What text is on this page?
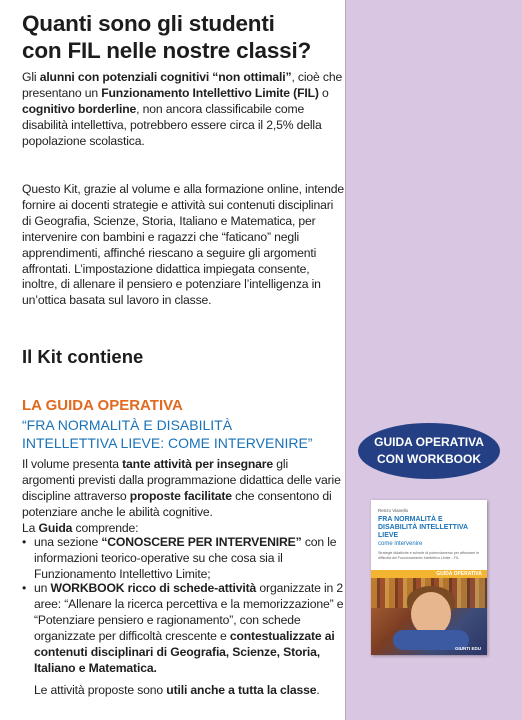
Quanti sono gli studenti
con FIL nelle nostre classi?

Gli alunni con potenziali cognitivi “non ottimali”, cioè che presentano un Funzionamento Intellettivo Limite (FIL) o cognitivo borderline, non ancora classificabile come disabilità intellettiva, potrebbero essere circa il 2,5% della popolazione scolastica.

Questo Kit, grazie al volume e alla formazione online, intende fornire ai docenti strategie e attività sui contenuti disciplinari di Geografia, Scienze, Storia, Italiano e Matematica, per intervenire con bambini e ragazzi che “faticano” negli apprendimenti, affinché riescano a seguire gli argomenti affrontati. L’impostazione didattica impiegata consente, inoltre, di allenare il pensiero e potenziare l’intelligenza in un’ottica basata sul lavoro in classe.

Il Kit contiene
LA GUIDA OPERATIVA

“FRA NORMALITÀ E DISABILITÀ
INTELLETTIVA LIEVE: COME INTERVENIRE”

Il volume presenta tante attività per insegnare gli argomenti previsti dalla programmazione didattica delle varie discipline attraverso proposte facilitate che consentono di potenziare anche le abilità cognitive.
La Guida comprende:

• una sezione “CONOSCERE PER INTERVENIRE” con le informazioni teorico-operative su che cosa sia il Funzionamento Intellettivo Limite;

• un WORKBOOK ricco di schede-attività organizzate in 2 aree: “Allenare la ricerca percettiva e la memorizzazione” e “Potenziare pensiero e ragionamento”, con schede organizzate per difficoltà crescente e contestualizzate ai contenuti disciplinari di Geografia, Scienze, Storia, Italiano e Matematica.

Le attività proposte sono utili anche a tutta la classe.

GUIDA OPERATIVA
CON WORKBOOK
Renzo Vianello
FRA NORMALITÀ E DISABILITÀ INTELLETTIVA LIEVE
come intervenire
Strategie didattiche e schede di potenziamento per affrontare le difficoltà del Funzionamento Intellettivo Limite - FIL
GUIDA OPERATIVA
GIUNTI EDU
